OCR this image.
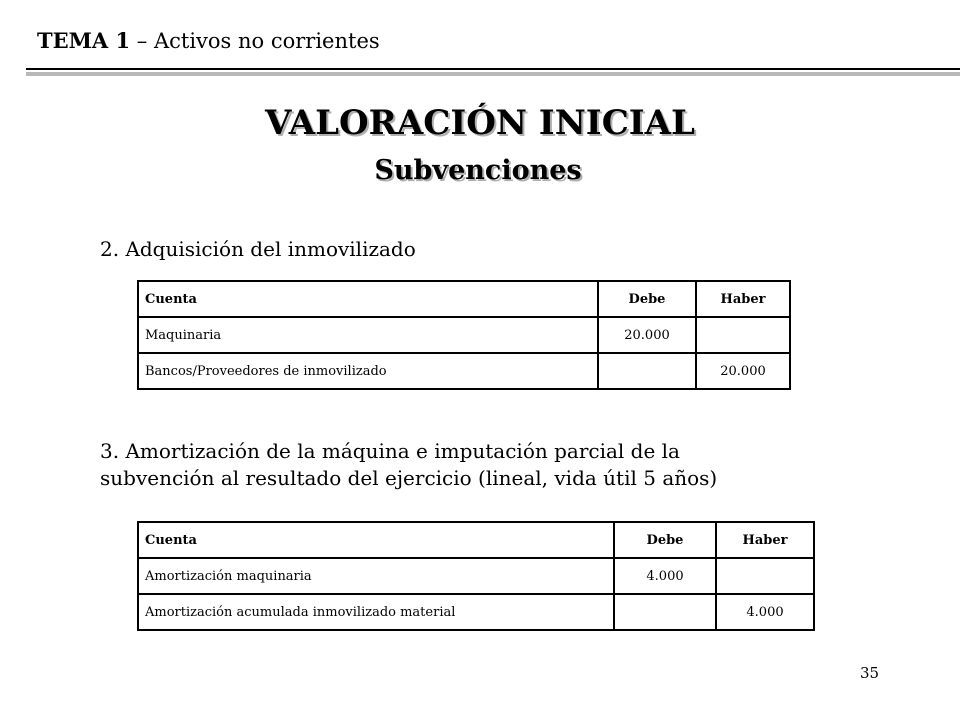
TEMA 1 – Activos no corrientes
VALORACIÓN INICIAL
Subvenciones
2. Adquisición del inmovilizado
Cuenta	Debe	Haber
Maquinaria	20.000	
Bancos/Proveedores de inmovilizado		20.000
3. Amortización de la máquina e imputación parcial de la
subvención al resultado del ejercicio (lineal, vida útil 5 años)
Cuenta	Debe	Haber
Amortización maquinaria	4.000	
Amortización acumulada inmovilizado material		4.000
35
